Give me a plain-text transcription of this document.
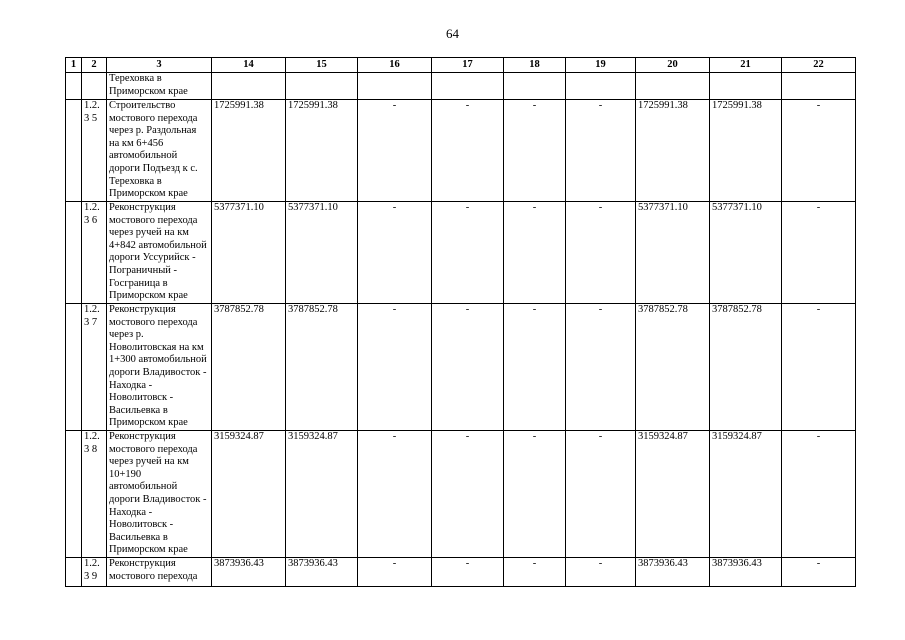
64
1	2	3	14	15	16	17	18	19	20	21	22
		Тереховка в Приморском крае									
	1.2.3 5	Строительство мостового перехода через р. Раздольная на км 6+456 автомобильной дороги Подъезд к с. Тереховка в Приморском крае	1725991.38	1725991.38	-	-	-	-	1725991.38	1725991.38	-
	1.2.3 6	Реконструкция мостового перехода через ручей на км 4+842 автомобильной дороги Уссурийск - Пограничный - Госграница в Приморском крае	5377371.10	5377371.10	-	-	-	-	5377371.10	5377371.10	-
	1.2.3 7	Реконструкция мостового перехода через р. Новолитовская на км 1+300 автомобильной дороги Владивосток - Находка - Новолитовск - Васильевка в Приморском крае	3787852.78	3787852.78	-	-	-	-	3787852.78	3787852.78	-
	1.2.3 8	Реконструкция мостового перехода через ручей на км 10+190 автомобильной дороги Владивосток - Находка - Новолитовск - Васильевка в Приморском крае	3159324.87	3159324.87	-	-	-	-	3159324.87	3159324.87	-
	1.2.3 9	Реконструкция мостового перехода	3873936.43	3873936.43	-	-	-	-	3873936.43	3873936.43	-
